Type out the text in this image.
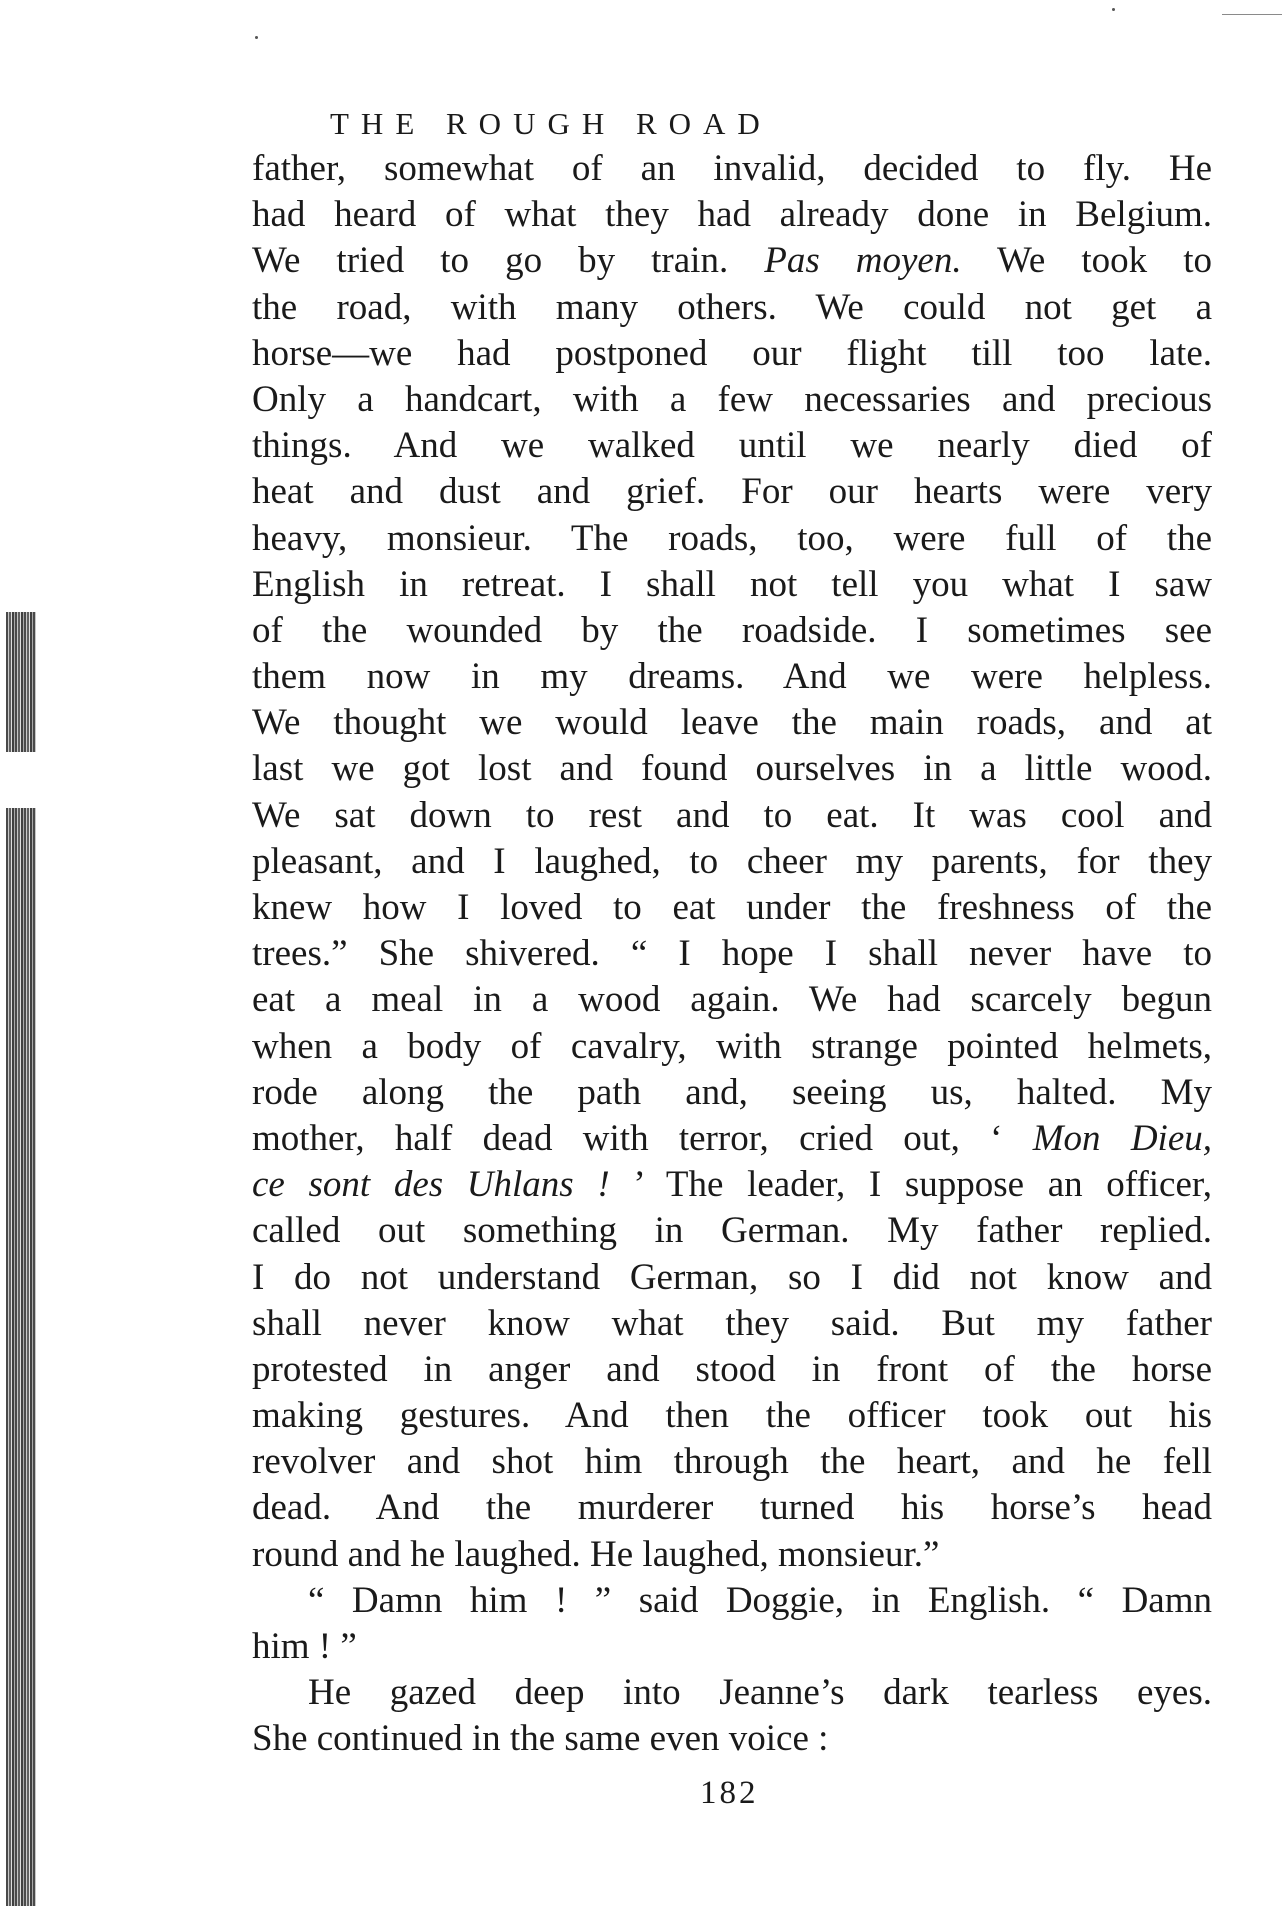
THE ROUGH ROAD
father, somewhat of an invalid, decided to fly. He
had heard of what they had already done in Belgium.
We tried to go by train. Pas moyen. We took to
the road, with many others. We could not get a
horse—we had postponed our flight till too late.
Only a handcart, with a few necessaries and precious
things. And we walked until we nearly died of
heat and dust and grief. For our hearts were very
heavy, monsieur. The roads, too, were full of the
English in retreat. I shall not tell you what I saw
of the wounded by the roadside. I sometimes see
them now in my dreams. And we were helpless.
We thought we would leave the main roads, and at
last we got lost and found ourselves in a little wood.
We sat down to rest and to eat. It was cool and
pleasant, and I laughed, to cheer my parents, for they
knew how I loved to eat under the freshness of the
trees.” She shivered. “ I hope I shall never have to
eat a meal in a wood again. We had scarcely begun
when a body of cavalry, with strange pointed helmets,
rode along the path and, seeing us, halted. My
mother, half dead with terror, cried out, ‘ Mon Dieu,
ce sont des Uhlans ! ’ The leader, I suppose an officer,
called out something in German. My father replied.
I do not understand German, so I did not know and
shall never know what they said. But my father
protested in anger and stood in front of the horse
making gestures. And then the officer took out his
revolver and shot him through the heart, and he fell
dead. And the murderer turned his horse’s head
round and he laughed. He laughed, monsieur.”
“ Damn him ! ” said Doggie, in English. “ Damn
him ! ”
He gazed deep into Jeanne’s dark tearless eyes.
She continued in the same even voice :
182
